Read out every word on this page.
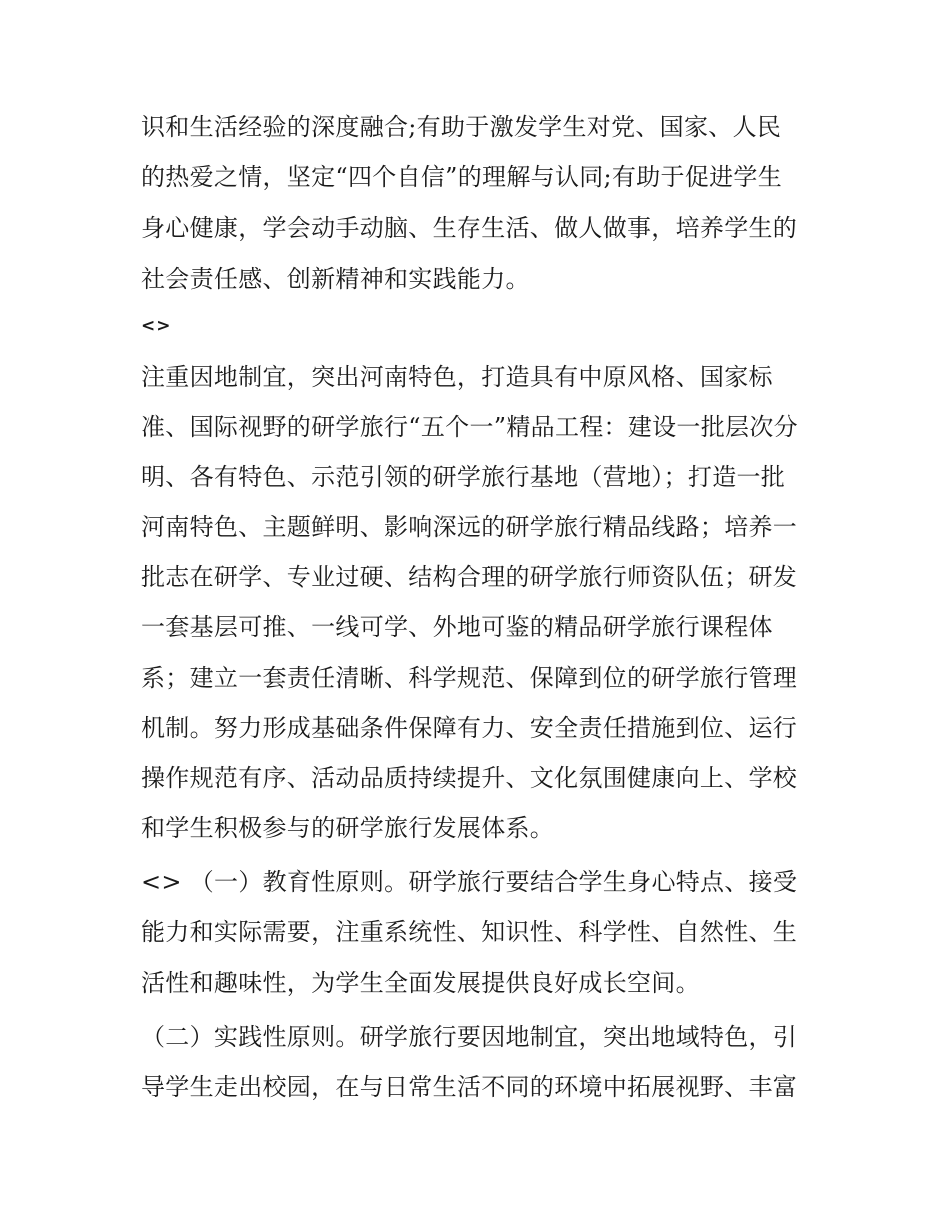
识和生活经验的深度融合;有助于激发学生对党、国家、人民
的热爱之情，坚定“四个自信”的理解与认同;有助于促进学生
身心健康，学会动手动脑、生存生活、做人做事，培养学生的
社会责任感、创新精神和实践能力。
<>
注重因地制宜，突出河南特色，打造具有中原风格、国家标
准、国际视野的研学旅行“五个一”精品工程：建设一批层次分
明、各有特色、示范引领的研学旅行基地（营地）；打造一批
河南特色、主题鲜明、影响深远的研学旅行精品线路；培养一
批志在研学、专业过硬、结构合理的研学旅行师资队伍；研发
一套基层可推、一线可学、外地可鉴的精品研学旅行课程体
系；建立一套责任清晰、科学规范、保障到位的研学旅行管理
机制。努力形成基础条件保障有力、安全责任措施到位、运行
操作规范有序、活动品质持续提升、文化氛围健康向上、学校
和学生积极参与的研学旅行发展体系。
<> （一）教育性原则。研学旅行要结合学生身心特点、接受
能力和实际需要，注重系统性、知识性、科学性、自然性、生
活性和趣味性，为学生全面发展提供良好成长空间。
（二）实践性原则。研学旅行要因地制宜，突出地域特色，引
导学生走出校园，在与日常生活不同的环境中拓展视野、丰富
